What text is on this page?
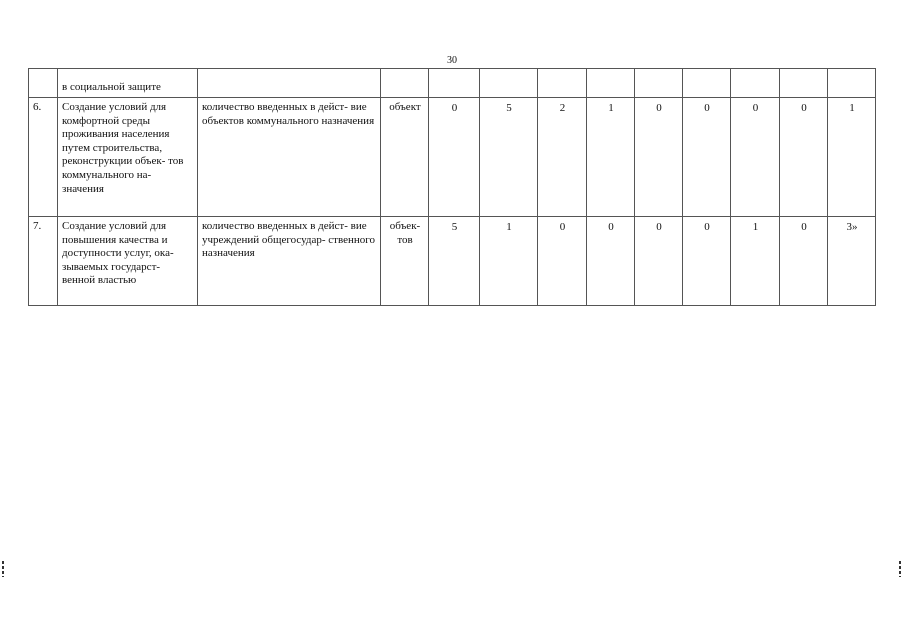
30
	в социальной защите											
6.	Создание условий для комфортной среды проживания населения путем строительства, реконструкции объек- тов коммунального на- значения	количество введенных в дейст- вие объектов коммунального назначения	объект	0	5	2	1	0	0	0	0	1
7.	Создание условий для повышения качества и доступности услуг, ока- зываемых государст- венной властью	количество введенных в дейст- вие учреждений общегосудар- ственного назначения	объек- тов	5	1	0	0	0	0	1	0	3»
